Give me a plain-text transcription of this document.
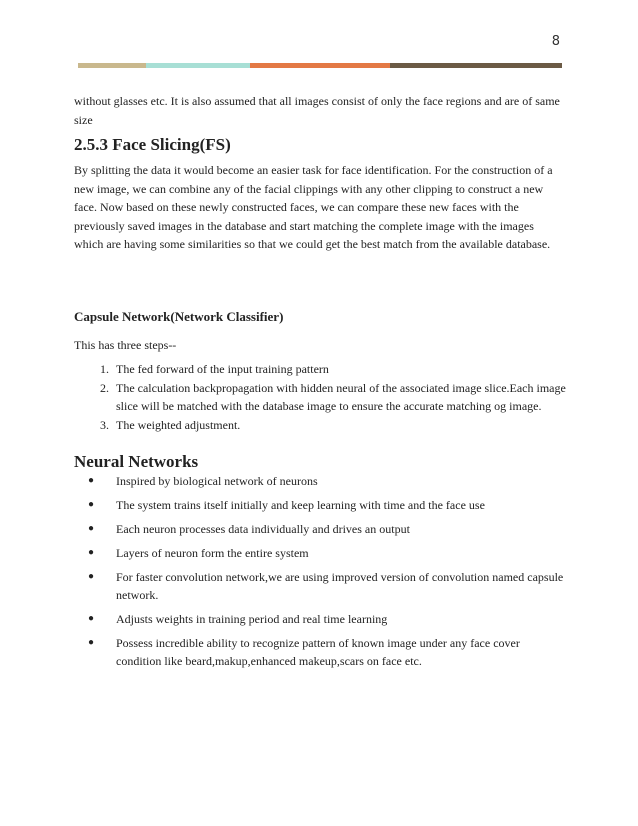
8

without glasses etc. It is also assumed that all images consist of only the face regions and are of same size

2.5.3 Face Slicing(FS)

By splitting the data it would become an easier task for face identification. For the construction of a new image, we can combine any of the facial clippings with any other clipping to construct a new face. Now based on these newly constructed faces, we can compare these new faces with the previously saved images in the database and start matching the complete image with the images which are having some similarities so that we could get the best match from the available database.

Capsule Network(Network Classifier)

This has three steps--

1. The fed forward of the input training pattern
2. The calculation backpropagation with hidden neural of the associated image slice.Each image slice will be matched with the database image to ensure the accurate matching og image.
3. The weighted adjustment.
Neural Networks
● Inspired by biological network of neurons
● The system trains itself initially and keep learning with time and the face use
● Each neuron processes data individually and drives an output
● Layers of neuron form the entire system
● For faster convolution network,we are using improved version of convolution named capsule network.
● Adjusts weights in training period and real time learning
● Possess incredible ability to recognize pattern of known image under any face cover condition like beard,makup,enhanced makeup,scars on face etc.
